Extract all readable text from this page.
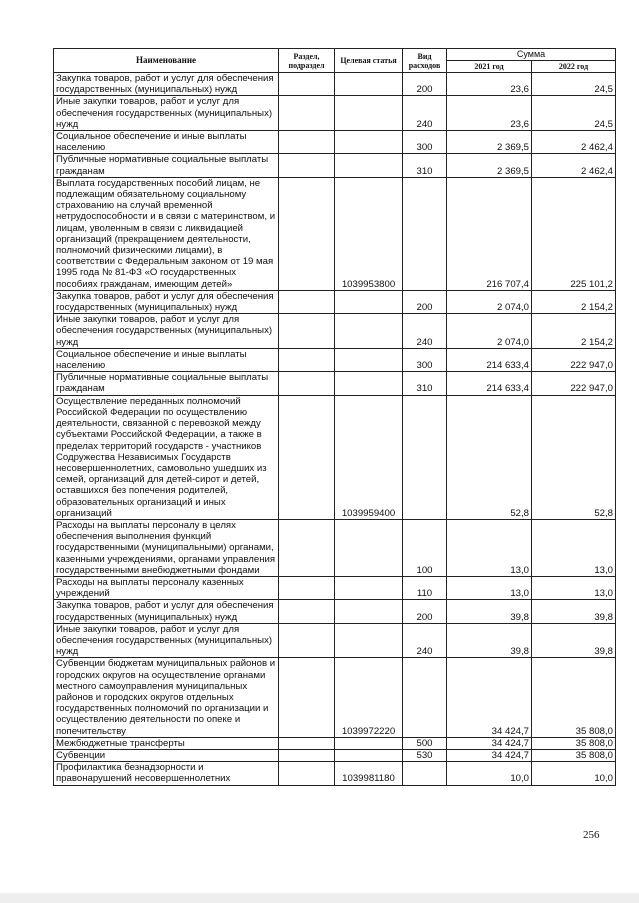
Наименование	Раздел, подраздел	Целевая статья	Вид расходов	Сумма	
				2021 год	2022 год
Закупка товаров, работ и услуг для обеспечения государственных (муниципальных) нужд			200	23,6	24,5
Иные закупки товаров, работ и услуг для обеспечения государственных (муниципальных) нужд			240	23,6	24,5
Социальное обеспечение и иные выплаты населению			300	2 369,5	2 462,4
Публичные нормативные социальные выплаты гражданам			310	2 369,5	2 462,4
Выплата государственных пособий лицам, не подлежащим обязательному социальному страхованию на случай временной нетрудоспособности и в связи с материнством, и лицам, уволенным в связи с ликвидацией организаций (прекращением деятельности, полномочий физическими лицами), в соответствии с Федеральным законом от 19 мая 1995 года № 81-ФЗ «О государственных пособиях гражданам, имеющим детей»		1039953800		216 707,4	225 101,2
Закупка товаров, работ и услуг для обеспечения государственных (муниципальных) нужд			200	2 074,0	2 154,2
Иные закупки товаров, работ и услуг для обеспечения государственных (муниципальных) нужд			240	2 074,0	2 154,2
Социальное обеспечение и иные выплаты населению			300	214 633,4	222 947,0
Публичные нормативные социальные выплаты гражданам			310	214 633,4	222 947,0
Осуществление переданных полномочий Российской Федерации по осуществлению деятельности, связанной с перевозкой между субъектами Российской Федерации, а также в пределах территорий государств - участников Содружества Независимых Государств несовершеннолетних, самовольно ушедших из семей, организаций для детей-сирот и детей, оставшихся без попечения родителей, образовательных организаций и иных организаций		1039959400		52,8	52,8
Расходы на выплаты персоналу в целях обеспечения выполнения функций государственными (муниципальными) органами, казенными учреждениями, органами управления государственными внебюджетными фондами			100	13,0	13,0
Расходы на выплаты персоналу казенных учреждений			110	13,0	13,0
Закупка товаров, работ и услуг для обеспечения государственных (муниципальных) нужд			200	39,8	39,8
Иные закупки товаров, работ и услуг для обеспечения государственных (муниципальных) нужд			240	39,8	39,8
Субвенции бюджетам муниципальных районов и городских округов на осуществление органами местного самоуправления муниципальных районов и городских округов отдельных государственных полномочий по организации и осуществлению деятельности по опеке и попечительству		1039972220		34 424,7	35 808,0
Межбюджетные трансферты			500	34 424,7	35 808,0
Субвенции			530	34 424,7	35 808,0
Профилактика безнадзорности и правонарушений несовершеннолетних		1039981180		10,0	10,0
256
